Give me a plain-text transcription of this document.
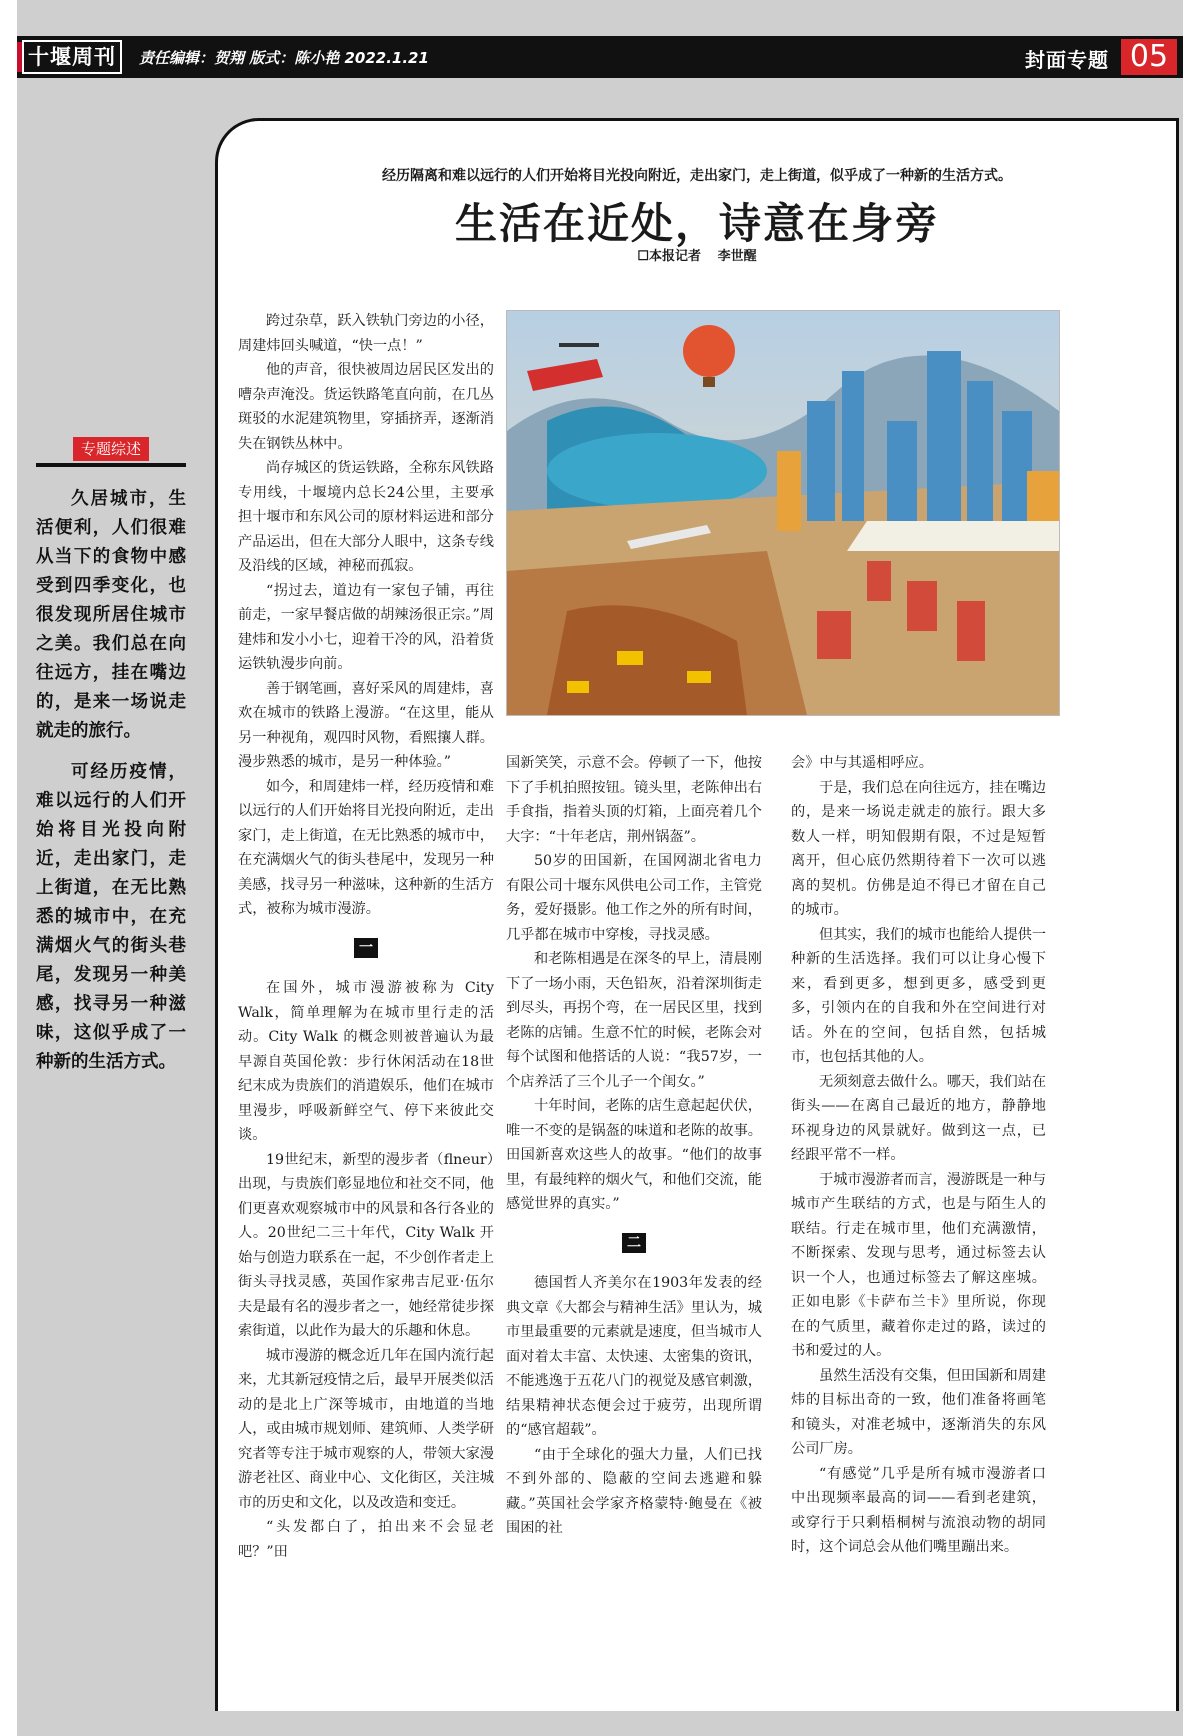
十堰周刊	责任编辑：贺翔 版式：陈小艳 2022.1.21	封面专题 05
专题综述

久居城市，生活便利，人们很难从当下的食物中感受到四季变化，也很发现所居住城市之美。我们总在向往远方，挂在嘴边的，是来一场说走就走的旅行。

可经历疫情，难以远行的人们开始将目光投向附近，走出家门，走上街道，在无比熟悉的城市中，在充满烟火气的街头巷尾，发现另一种美感，找寻另一种滋味，这似乎成了一种新的生活方式。

经历隔离和难以远行的人们开始将目光投向附近，走出家门，走上街道，似乎成了一种新的生活方式。
生活在近处，诗意在身旁
☐本报记者 李世醒

跨过杂草，跃入铁轨门旁边的小径，周建炜回头喊道，“快一点！”

他的声音，很快被周边居民区发出的嘈杂声淹没。货运铁路笔直向前，在几丛斑驳的水泥建筑物里，穿插挤弄，逐渐消失在钢铁丛林中。

尚存城区的货运铁路，全称东风铁路专用线，十堰境内总长24公里，主要承担十堰市和东风公司的原材料运进和部分产品运出，但在大部分人眼中，这条专线及沿线的区域，神秘而孤寂。

“拐过去，道边有一家包子铺，再往前走，一家早餐店做的胡辣汤很正宗。”周建炜和发小小七，迎着干冷的风，沿着货运铁轨漫步向前。

善于钢笔画，喜好采风的周建炜，喜欢在城市的铁路上漫游。“在这里，能从另一种视角，观四时风物，看熙攘人群。漫步熟悉的城市，是另一种体验。”

如今，和周建炜一样，经历疫情和难以远行的人们开始将目光投向附近，走出家门，走上街道，在无比熟悉的城市中，在充满烟火气的街头巷尾中，发现另一种美感，找寻另一种滋味，这种新的生活方式，被称为城市漫游。

一

在国外，城市漫游被称为 City Walk，简单理解为在城市里行走的活动。City Walk 的概念则被普遍认为最早源自英国伦敦：步行休闲活动在18世纪末成为贵族们的消遣娱乐，他们在城市里漫步，呼吸新鲜空气、停下来彼此交谈。

19世纪末，新型的漫步者（flneur）出现，与贵族们彰显地位和社交不同，他们更喜欢观察城市中的风景和各行各业的人。20世纪二三十年代，City Walk 开始与创造力联系在一起，不少创作者走上街头寻找灵感，英国作家弗吉尼亚·伍尔夫是最有名的漫步者之一，她经常徒步探索街道，以此作为最大的乐趣和休息。

城市漫游的概念近几年在国内流行起来，尤其新冠疫情之后，最早开展类似活动的是北上广深等城市，由地道的当地人，或由城市规划师、建筑师、人类学研究者等专注于城市观察的人，带领大家漫游老社区、商业中心、文化街区，关注城市的历史和文化，以及改造和变迁。

“头发都白了，拍出来不会显老吧？”田

国新笑笑，示意不会。停顿了一下，他按下了手机拍照按钮。镜头里，老陈伸出右手食指，指着头顶的灯箱，上面亮着几个大字：“十年老店，荆州锅盔”。

50岁的田国新，在国网湖北省电力有限公司十堰东风供电公司工作，主管党务，爱好摄影。他工作之外的所有时间，几乎都在城市中穿梭，寻找灵感。

和老陈相遇是在深冬的早上，清晨刚下了一场小雨，天色铅灰，沿着深圳街走到尽头，再拐个弯，在一居民区里，找到老陈的店铺。生意不忙的时候，老陈会对每个试图和他搭话的人说：“我57岁，一个店养活了三个儿子一个闺女。”

十年时间，老陈的店生意起起伏伏，唯一不变的是锅盔的味道和老陈的故事。田国新喜欢这些人的故事。“他们的故事里，有最纯粹的烟火气，和他们交流，能感觉世界的真实。”

二

德国哲人齐美尔在1903年发表的经典文章《大都会与精神生活》里认为，城市里最重要的元素就是速度，但当城市人面对着太丰富、太快速、太密集的资讯，不能逃逸于五花八门的视觉及感官刺激，结果精神状态便会过于疲劳，出现所谓的“感官超载”。

“由于全球化的强大力量，人们已找不到外部的、隐蔽的空间去逃避和躲藏。”英国社会学家齐格蒙特·鲍曼在《被围困的社

会》中与其遥相呼应。

于是，我们总在向往远方，挂在嘴边的，是来一场说走就走的旅行。跟大多数人一样，明知假期有限，不过是短暂离开，但心底仍然期待着下一次可以逃离的契机。仿佛是迫不得已才留在自己的城市。

但其实，我们的城市也能给人提供一种新的生活选择。我们可以让身心慢下来，看到更多，想到更多，感受到更多，引领内在的自我和外在空间进行对话。外在的空间，包括自然，包括城市，也包括其他的人。

无须刻意去做什么。哪天，我们站在街头——在离自己最近的地方，静静地环视身边的风景就好。做到这一点，已经跟平常不一样。

于城市漫游者而言，漫游既是一种与城市产生联结的方式，也是与陌生人的联结。行走在城市里，他们充满激情，不断探索、发现与思考，通过标签去认识一个人，也通过标签去了解这座城。正如电影《卡萨布兰卡》里所说，你现在的气质里，藏着你走过的路，读过的书和爱过的人。

虽然生活没有交集，但田国新和周建炜的目标出奇的一致，他们准备将画笔和镜头，对准老城中，逐渐消失的东风公司厂房。

“有感觉”几乎是所有城市漫游者口中出现频率最高的词——看到老建筑，或穿行于只剩梧桐树与流浪动物的胡同时，这个词总会从他们嘴里蹦出来。
